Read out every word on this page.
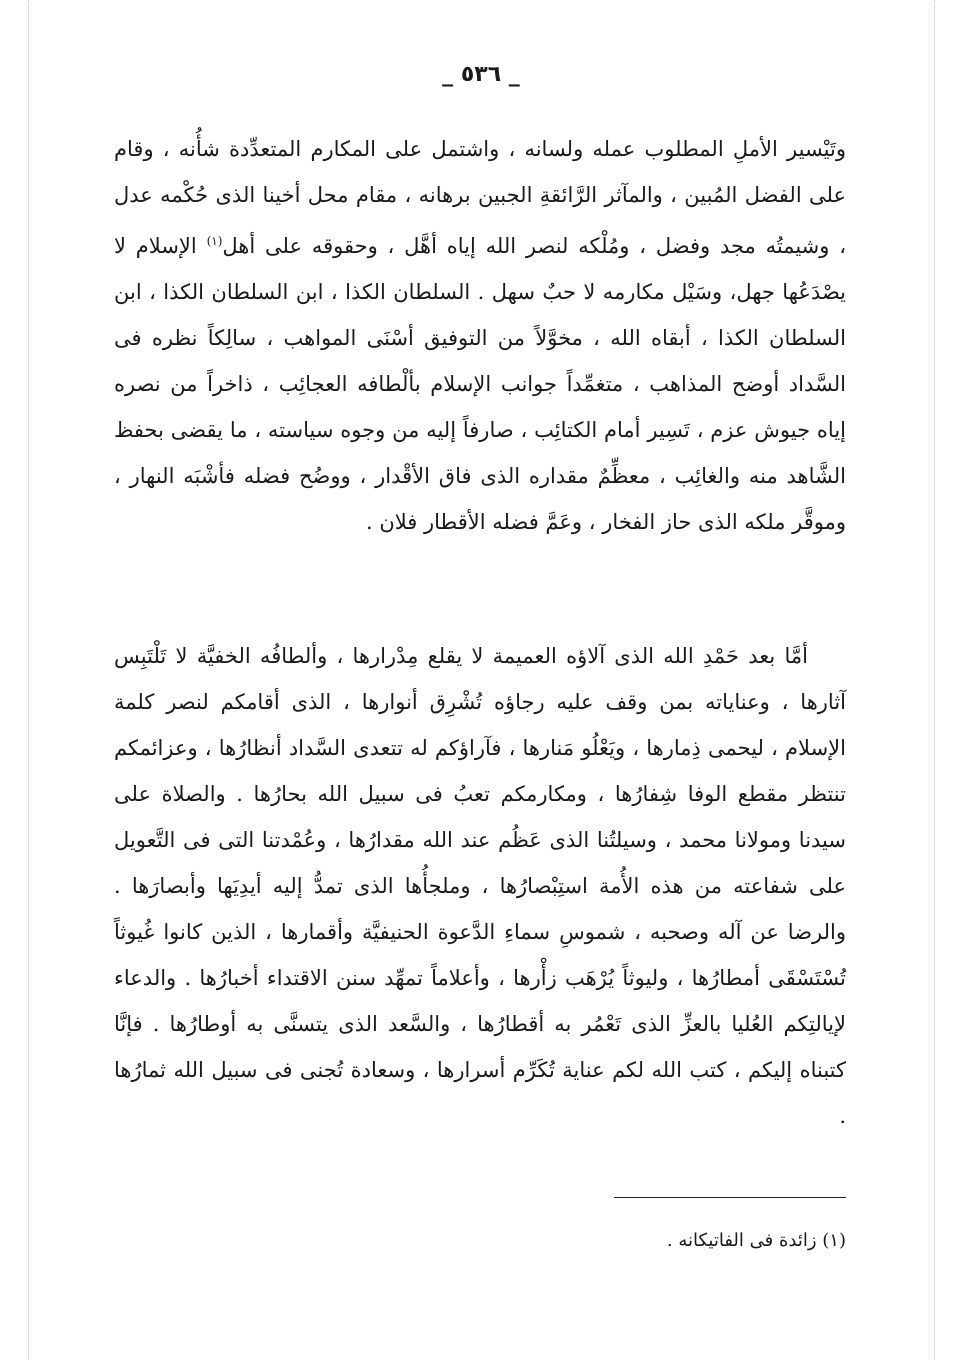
_ ٥٣٦ _
وتَيْسير الأملِ المطلوب عمله ولسانه ، واشتمل على المكارم المتعدِّدة شأُنه ، وقام على الفضل المُبين ، والمآثر الرَّائقةِ الجبين برهانه ، مقام محل أخينا الذى حُكْمه عدل ، وشيمتُه مجد وفضل ، ومُلْكه لنصر الله إياه أهَّل ، وحقوقه على أهل$^{(١)}$ الإسلام لا يصْدَعُها جهل، وسَيْل مكارمه لا حبٌ سهل . السلطان الكذا ، ابن السلطان الكذا ، ابن السلطان الكذا ، أبقاه الله ، مخوَّلاً من التوفيق أسْنَى المواهب ، سالِكاً نظره فى السَّداد أوضح المذاهب ، متغمِّداً جوانب الإسلام بألْطافه العجائِب ، ذاخراً من نصره إياه جيوش عزم ، تَسِير أمام الكتائِب ، صارفاً إليه من وجوه سياسته ، ما يقضى بحفظ الشَّاهد منه والغائِب ، معظِّمٌ مقداره الذى فاق الأقْدار ، ووضُح فضله فأشْبَه النهار ، وموقَّر ملكه الذى حاز الفخار ، وعَمَّ فضله الأقطار فلان .
أمَّا بعد حَمْدِ الله الذى آلاؤه العميمة لا يقلع مِدْرارها ، وألطافُه الخفيَّة لا تَلْتَبِس آثارها ، وعناياته بمن وقف عليه رجاؤه تُشْرِق أنوارها ، الذى أقامكم لنصر كلمة الإسلام ، ليحمى ذِمارها ، ويَعْلُو مَنارها ، فآراؤكم له تتعدى السَّداد أنظارُها ، وعزائمكم تنتظر مقطع الوفا شِفارُها ، ومكارمكم تعبُ فى سبيل الله بحارُها . والصلاة على سيدنا ومولانا محمد ، وسيلتُنا الذى عَظُم عند الله مقدارُها ، وعُمْدتنا التى فى التَّعويل على شفاعته من هذه الأُمة استِبْصارُها ، وملجأُها الذى تمدُّ إليه أيدِيَها وأبصارَها . والرضا عن آله وصحبه ، شموسِ سماءِ الدَّعوة الحنيفيَّة وأقمارها ، الذين كانوا غُيوثاً تُسْتَسْقَى أمطارُها ، وليوثاً يُرْهَب زأْرها ، وأعلاماً تمهِّد سنن الاقتداء أخبارُها . والدعاء لإيالتِكم العُليا بالعزِّ الذى تَعْمُر به أقطارُها ، والسَّعد الذى يتسنَّى به أوطارُها . فإنَّا كتبناه إليكم ، كتب الله لكم عناية تُكَرِّم أسرارها ، وسعادة تُجنى فى سبيل الله ثمارُها .
(١) زائدة فى الفاتيكانه .
